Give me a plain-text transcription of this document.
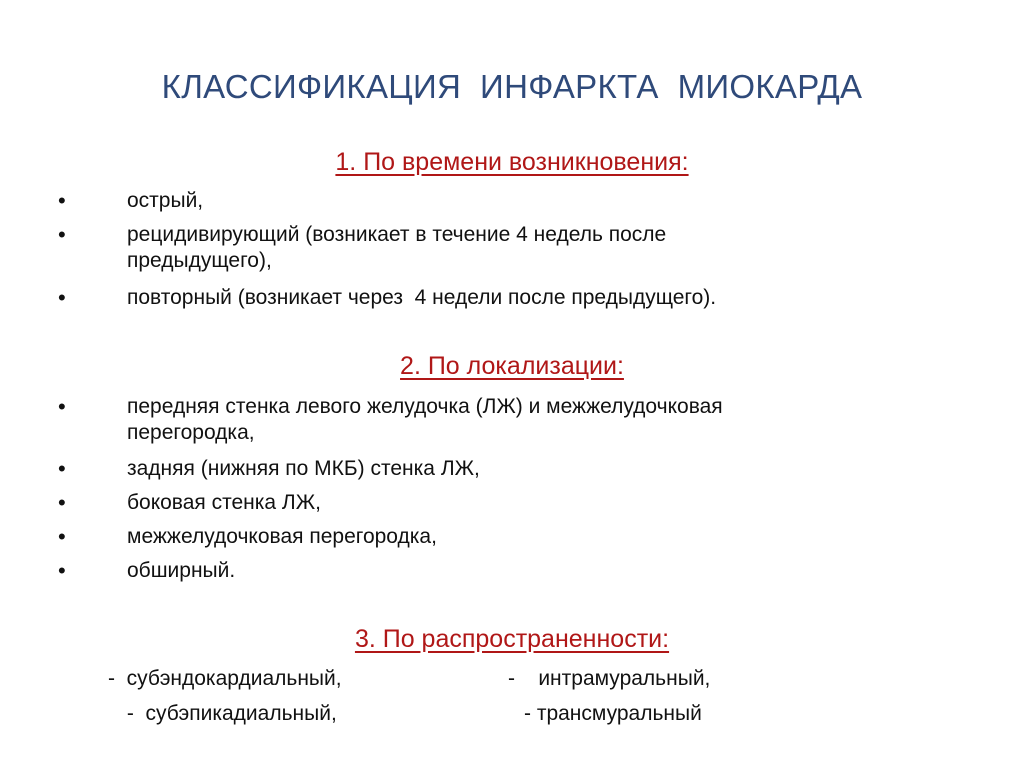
КЛАССИФИКАЦИЯ  ИНФАРКТА  МИОКАРДА
1. По времени возникновения:
•	острый,
•	рецидивирующий (возникает в течение 4 недель после
предыдущего),
•	повторный (возникает через  4 недели после предыдущего).
2. По локализации:
•	передняя стенка левого желудочка (ЛЖ) и межжелудочковая
перегородка,
•	задняя (нижняя по МКБ) стенка ЛЖ,
•	боковая стенка ЛЖ,
•	межжелудочковая перегородка,
•	обширный.
3. По распространенности:
-  субэндокардиальный,	-    интрамуральный,
-  субэпикадиальный,	- трансмуральный
